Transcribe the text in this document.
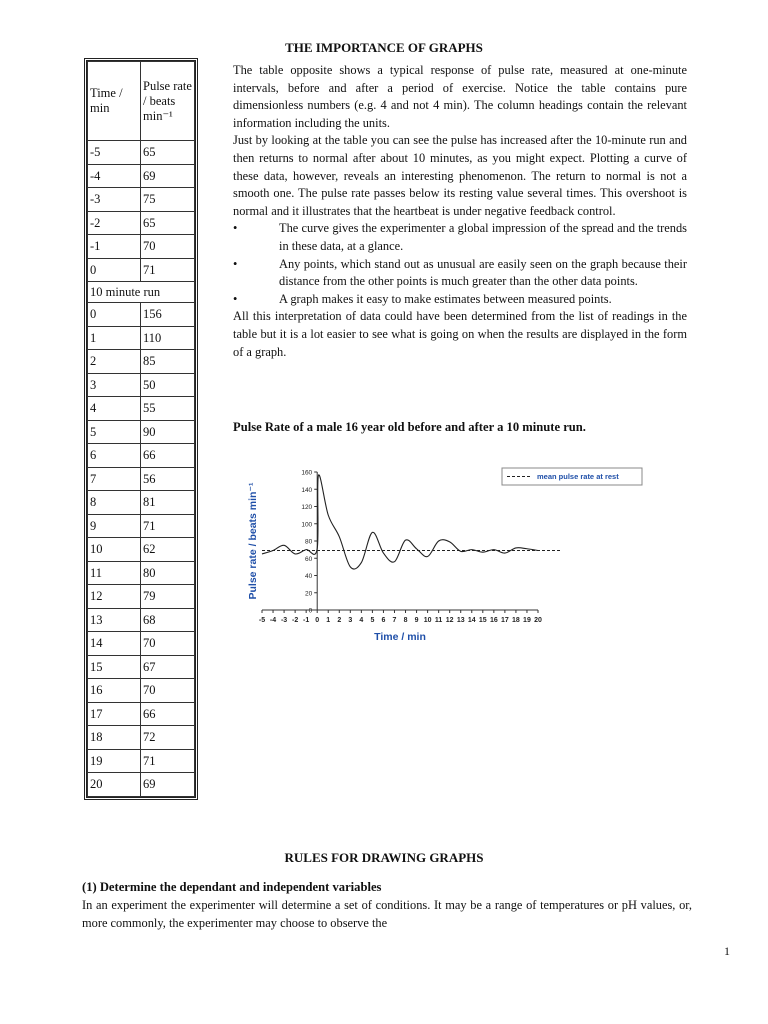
THE IMPORTANCE OF GRAPHS
Time / min	Pulse rate / beats min⁻¹
-5	65
-4	69
-3	75
-2	65
-1	70
0	71
10 minute run	
0	156
1	110
2	85
3	50
4	55
5	90
6	66
7	56
8	81
9	71
10	62
11	80
12	79
13	68
14	70
15	67
16	70
17	66
18	72
19	71
20	69

The table opposite shows a typical response of pulse rate, measured at one-minute intervals, before and after a period of exercise. Notice the table contains pure dimensionless numbers (e.g. 4 and not 4 min). The column headings contain the relevant information including the units.

Just by looking at the table you can see the pulse has increased after the 10-minute run and then returns to normal after about 10 minutes, as you might expect. Plotting a curve of these data, however, reveals an interesting phenomenon. The return to normal is not a smooth one. The pulse rate passes below its resting value several times. This overshoot is normal and it illustrates that the heartbeat is under negative feedback control.

•	The curve gives the experimenter a global impression of the spread and the trends in these data, at a glance.
•	Any points, which stand out as unusual are easily seen on the graph because their distance from the other points is much greater than the other data points.
•	A graph makes it easy to make estimates between measured points.

All this interpretation of data could have been determined from the list of readings in the table but it is a lot easier to see what is going on when the results are displayed in the form of a graph.

Pulse Rate of a male 16 year old before and after a 10 minute run.
0
20
40
60
80
100
120
140
160
-5 -4 -3 -2 -1 0 1 2 3 4 5 6 7 8 9 10 11 12 13 14 15 16 17 18 19 20
Time / min
Pulse rate / beats min⁻¹
mean pulse rate at rest
RULES FOR DRAWING GRAPHS
(1) Determine the dependant and independent variables
In an experiment the experimenter will determine a set of conditions. It may be a range of temperatures or pH values, or, more commonly, the experimenter may choose to observe the
1
